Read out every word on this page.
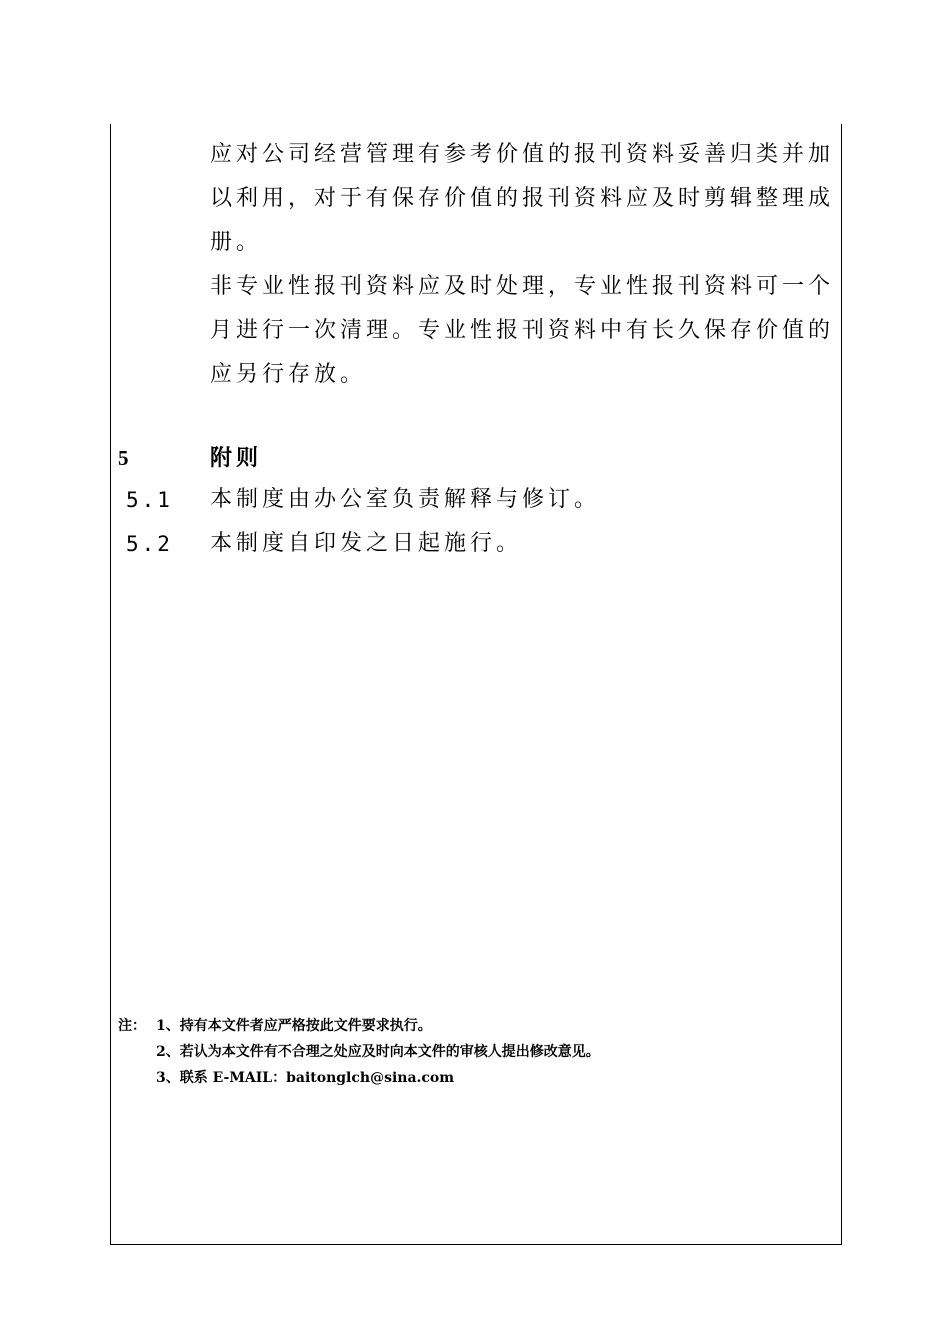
应对公司经营管理有参考价值的报刊资料妥善归类并加以利用，对于有保存价值的报刊资料应及时剪辑整理成册。

非专业性报刊资料应及时处理，专业性报刊资料可一个月进行一次清理。专业性报刊资料中有长久保存价值的应另行存放。

5	附则
5.1 本制度由办公室负责解释与修订。
5.2 本制度自印发之日起施行。
注： 1、持有本文件者应严格按此文件要求执行。
2、若认为本文件有不合理之处应及时向本文件的审核人提出修改意见。
3、联系 E-MAIL：baitonglch@sina.com
